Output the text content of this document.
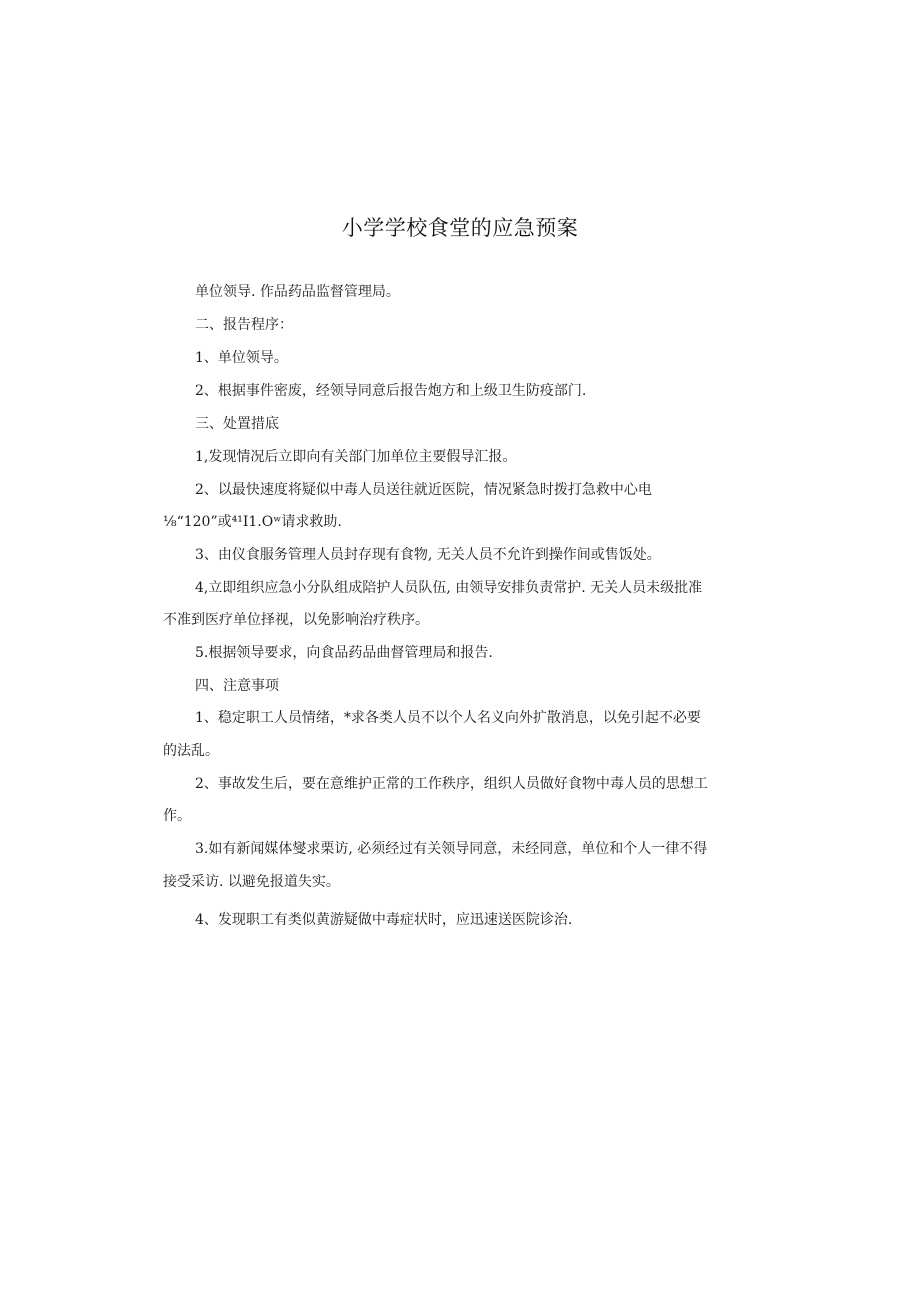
小学学校食堂的应急预案
单位领导. 作品药品监督管理局。
二、报告程序：
1、单位领导。
2、根据事件密废，经领导同意后报告炮方和上级卫生防疫部门.
三、处置措底
1,发现情况后立即向有关部门加单位主要假导汇报。
2、以最快速度将疑似中毒人员送往就近医院，情况紧急时拨打急救中心电
⅛“120”或⁴¹I1.Oʷ请求救助.
3、由仪食服务管理人员封存现有食物, 无关人员不允许到操作间或售饭处。
4,立即组织应急小分队组成陪护人员队伍, 由领导安排负责常护. 无关人员未级批准
不准到医疗单位择视，以免影响治疗秩序。
5.根据领导要求，向食品药品曲督管理局和报告.
四、注意事项
1、稳定职工人员情绪，*求各类人员不以个人名义向外扩散消息，以免引起不必要
的法乱。
2、事故发生后，要在意维护正常的工作秩序，组织人员做好食物中毒人员的思想工
作。
3.如有新闻媒体燮求栗访, 必须经过有关领导同意，未经同意，单位和个人一律不得
接受采访. 以避免报道失实。
4、发现职工有类似黄游疑做中毒症状时，应迅速送医院诊治.
